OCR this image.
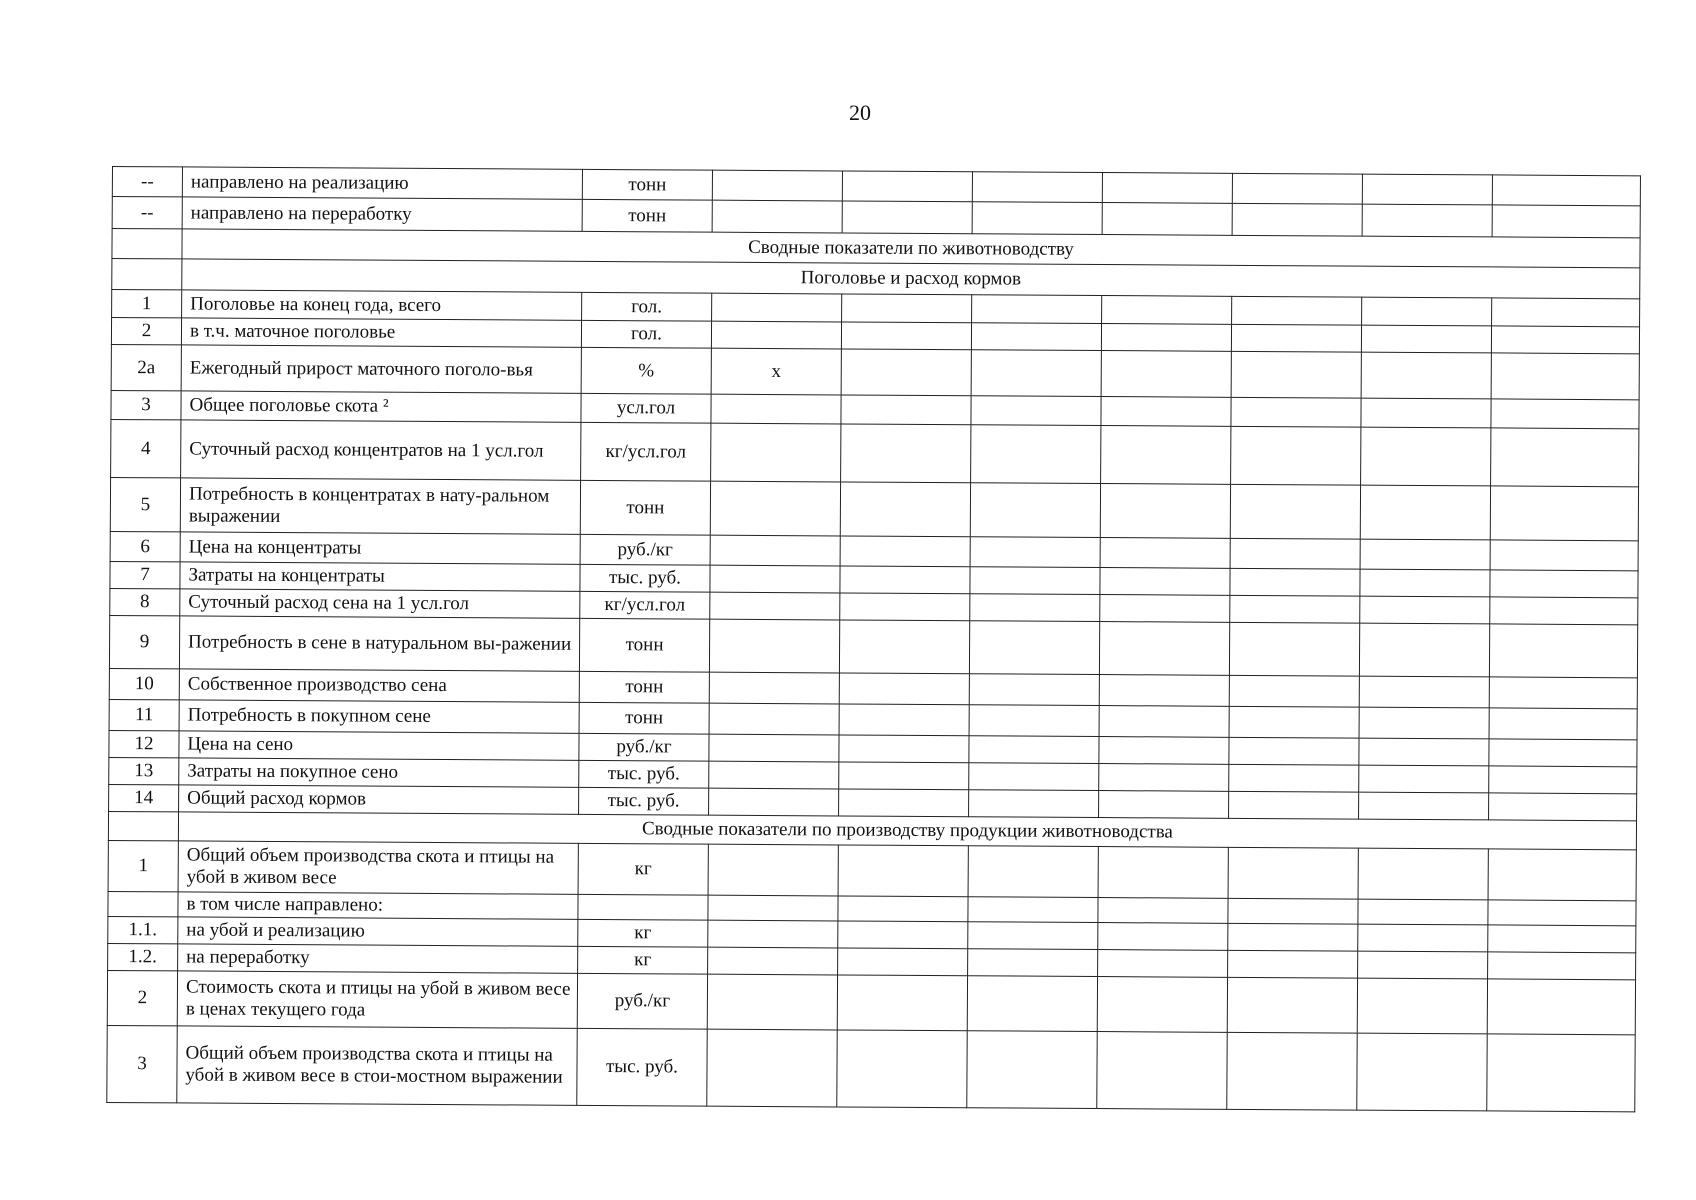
20
--	направлено на реализацию	тонн							
--	направлено на переработку	тонн							
	Сводные показатели по животноводству								
	Поголовье и расход кормов								
1	Поголовье на конец года, всего	гол.							
2	в т.ч. маточное поголовье	гол.							
2а	Ежегодный прирост маточного поголо-вья	%	х						
3	Общее поголовье скота ²	усл.гол							
4	Суточный расход концентратов на 1 усл.гол	кг/усл.гол							
5	Потребность в концентратах в нату-ральном выражении	тонн							
6	Цена на концентраты	руб./кг							
7	Затраты на концентраты	тыс. руб.							
8	Суточный расход сена на 1 усл.гол	кг/усл.гол							
9	Потребность в сене в натуральном вы-ражении	тонн							
10	Собственное производство сена	тонн							
11	Потребность в покупном сене	тонн							
12	Цена на сено	руб./кг							
13	Затраты на покупное сено	тыс. руб.							
14	Общий расход кормов	тыс. руб.							
	Сводные показатели по производству продукции животноводства								
1	Общий объем производства скота и птицы на убой в живом весе	кг							
	в том числе направлено:								
1.1.	на убой и реализацию	кг							
1.2.	на переработку	кг							
2	Стоимость скота и птицы на убой в живом весе в ценах текущего года	руб./кг							
3	Общий объем производства скота и птицы на убой в живом весе в стои-мостном выражении	тыс. руб.							
